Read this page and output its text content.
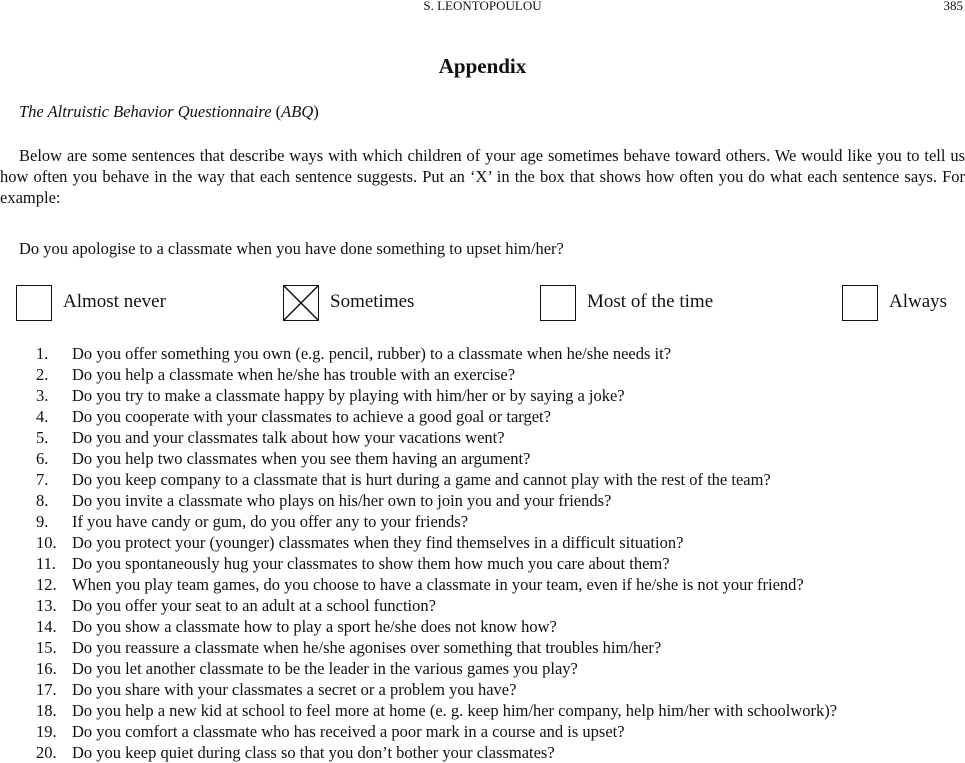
S. LEONTOPOULOU	385
Appendix
The Altruistic Behavior Questionnaire (ABQ)
Below are some sentences that describe ways with which children of your age sometimes behave toward others. We would like you to tell us how often you behave in the way that each sentence suggests. Put an ‘X’ in the box that shows how often you do what each sentence says. For example:
Do you apologise to a classmate when you have done something to upset him/her?
Almost never	Sometimes	Most of the time	Always
1. Do you offer something you own (e.g. pencil, rubber) to a classmate when he/she needs it?
2. Do you help a classmate when he/she has trouble with an exercise?
3. Do you try to make a classmate happy by playing with him/her or by saying a joke?
4. Do you cooperate with your classmates to achieve a good goal or target?
5. Do you and your classmates talk about how your vacations went?
6. Do you help two classmates when you see them having an argument?
7. Do you keep company to a classmate that is hurt during a game and cannot play with the rest of the team?
8. Do you invite a classmate who plays on his/her own to join you and your friends?
9. If you have candy or gum, do you offer any to your friends?
10. Do you protect your (younger) classmates when they find themselves in a difficult situation?
11. Do you spontaneously hug your classmates to show them how much you care about them?
12. When you play team games, do you choose to have a classmate in your team, even if he/she is not your friend?
13. Do you offer your seat to an adult at a school function?
14. Do you show a classmate how to play a sport he/she does not know how?
15. Do you reassure a classmate when he/she agonises over something that troubles him/her?
16. Do you let another classmate to be the leader in the various games you play?
17. Do you share with your classmates a secret or a problem you have?
18. Do you help a new kid at school to feel more at home (e. g. keep him/her company, help him/her with schoolwork)?
19. Do you comfort a classmate who has received a poor mark in a course and is upset?
20. Do you keep quiet during class so that you don’t bother your classmates?
